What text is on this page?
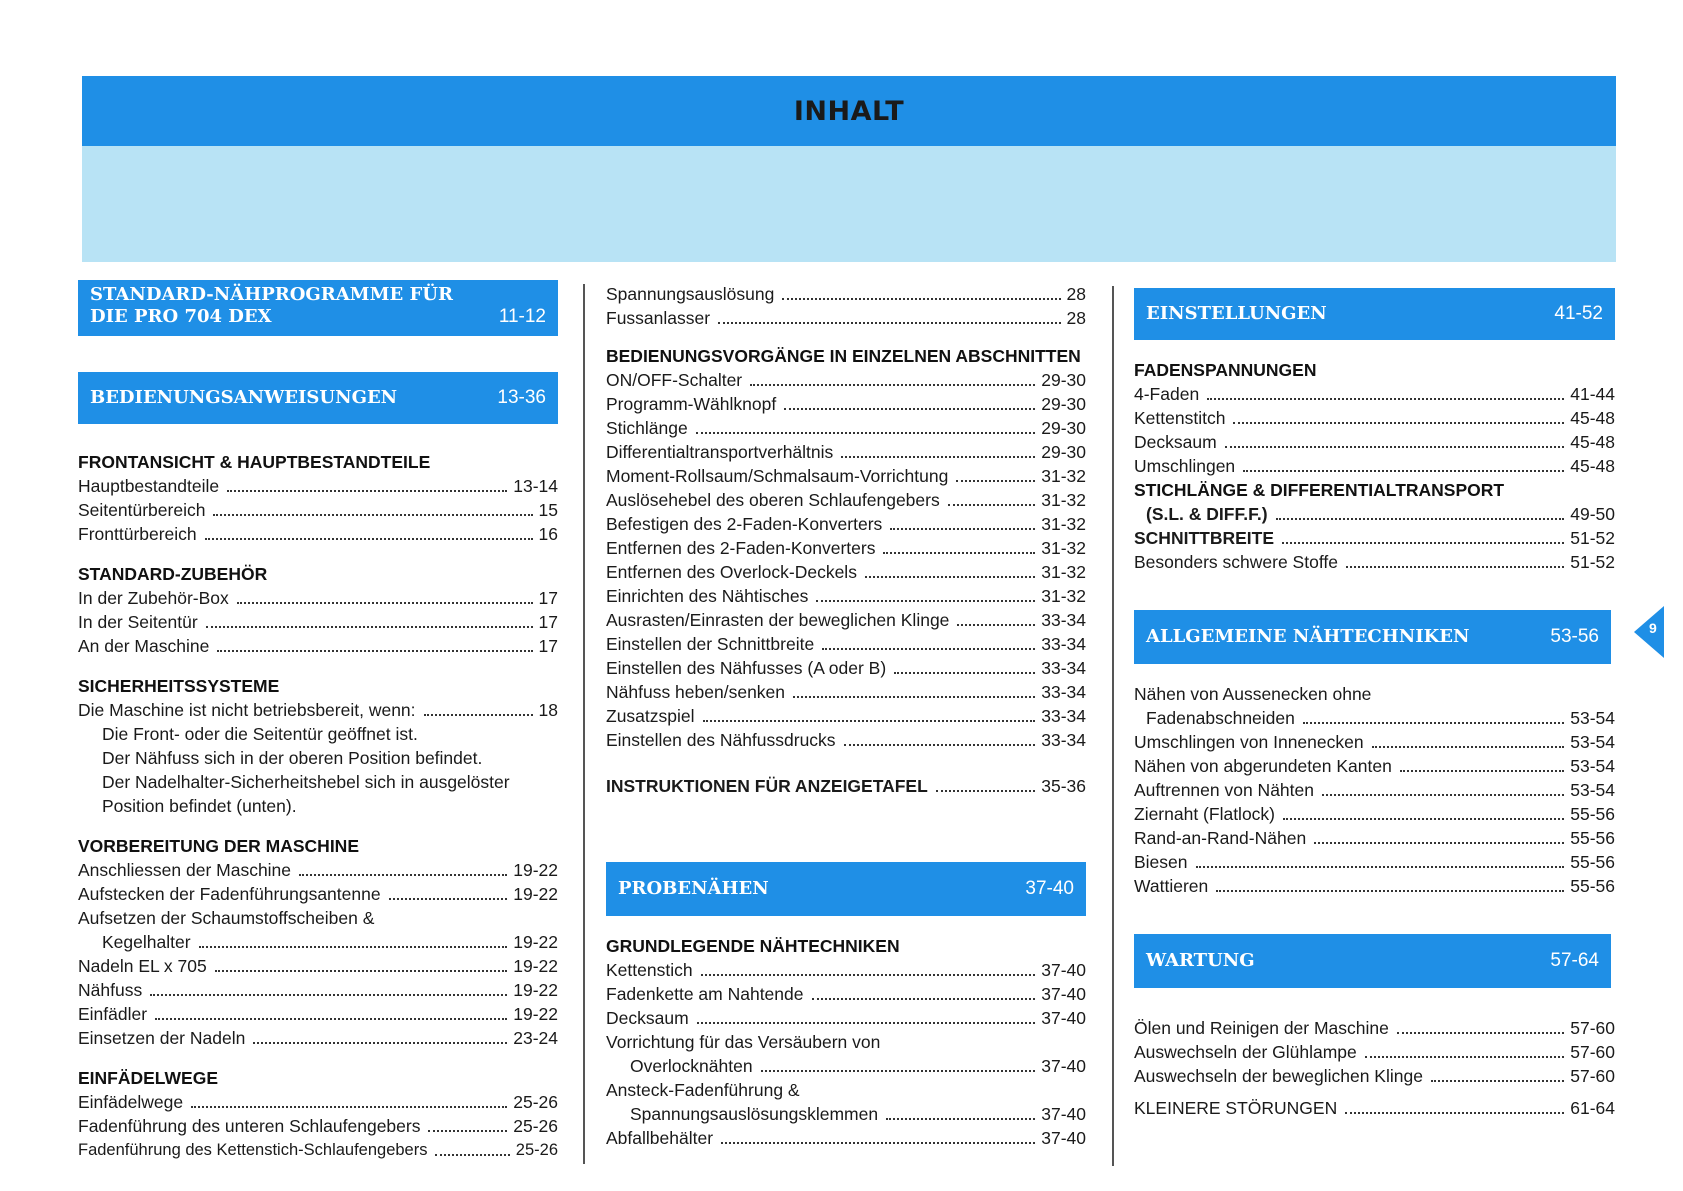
INHALT
STANDARD-NÄHPROGRAMME FÜR
DIE PRO 704 DEX	11-12
BEDIENUNGSANWEISUNGEN	13-36
FRONTANSICHT & HAUPTBESTANDTEILE
Hauptbestandteile	13-14
Seitentürbereich	15
Fronttürbereich	16
STANDARD-ZUBEHÖR
In der Zubehör-Box	17
In der Seitentür	17
An der Maschine	17
SICHERHEITSSYSTEME
Die Maschine ist nicht betriebsbereit, wenn:	18
Die Front- oder die Seitentür geöffnet ist.
Der Nähfuss sich in der oberen Position befindet.
Der Nadelhalter-Sicherheitshebel sich in ausgelöster
Position befindet (unten).
VORBEREITUNG DER MASCHINE
Anschliessen der Maschine	19-22
Aufstecken der Fadenführungsantenne	19-22
Aufsetzen der Schaumstoffscheiben &
Kegelhalter	19-22
Nadeln EL x 705	19-22
Nähfuss	19-22
Einfädler	19-22
Einsetzen der Nadeln	23-24
EINFÄDELWEGE
Einfädelwege	25-26
Fadenführung des unteren Schlaufengebers	25-26
Fadenführung des Kettenstich-Schlaufengebers	25-26
Spannungsauslösung	28
Fussanlasser	28
BEDIENUNGSVORGÄNGE IN EINZELNEN ABSCHNITTEN
ON/OFF-Schalter	29-30
Programm-Wählknopf	29-30
Stichlänge	29-30
Differentialtransportverhältnis	29-30
Moment-Rollsaum/Schmalsaum-Vorrichtung	31-32
Auslösehebel des oberen Schlaufengebers	31-32
Befestigen des 2-Faden-Konverters	31-32
Entfernen des 2-Faden-Konverters	31-32
Entfernen des Overlock-Deckels	31-32
Einrichten des Nähtisches	31-32
Ausrasten/Einrasten der beweglichen Klinge	33-34
Einstellen der Schnittbreite	33-34
Einstellen des Nähfusses (A oder B)	33-34
Nähfuss heben/senken	33-34
Zusatzspiel	33-34
Einstellen des Nähfussdrucks	33-34
INSTRUKTIONEN FÜR ANZEIGETAFEL	35-36
PROBENÄHEN	37-40
GRUNDLEGENDE NÄHTECHNIKEN
Kettenstich	37-40
Fadenkette am Nahtende	37-40
Decksaum	37-40
Vorrichtung für das Versäubern von
Overlocknähten	37-40
Ansteck-Fadenführung &
Spannungsauslösungsklemmen	37-40
Abfallbehälter	37-40
EINSTELLUNGEN	41-52
FADENSPANNUNGEN
4-Faden	41-44
Kettenstitch	45-48
Decksaum	45-48
Umschlingen	45-48
STICHLÄNGE & DIFFERENTIALTRANSPORT
(S.L. & DIFF.F.)	49-50
SCHNITTBREITE	51-52
Besonders schwere Stoffe	51-52
ALLGEMEINE NÄHTECHNIKEN	53-56
Nähen von Aussenecken ohne
Fadenabschneiden	53-54
Umschlingen von Innenecken	53-54
Nähen von abgerundeten Kanten	53-54
Auftrennen von Nähten	53-54
Ziernaht (Flatlock)	55-56
Rand-an-Rand-Nähen	55-56
Biesen	55-56
Wattieren	55-56
WARTUNG	57-64
Ölen und Reinigen der Maschine	57-60
Auswechseln der Glühlampe	57-60
Auswechseln der beweglichen Klinge	57-60
KLEINERE STÖRUNGEN	61-64
9
